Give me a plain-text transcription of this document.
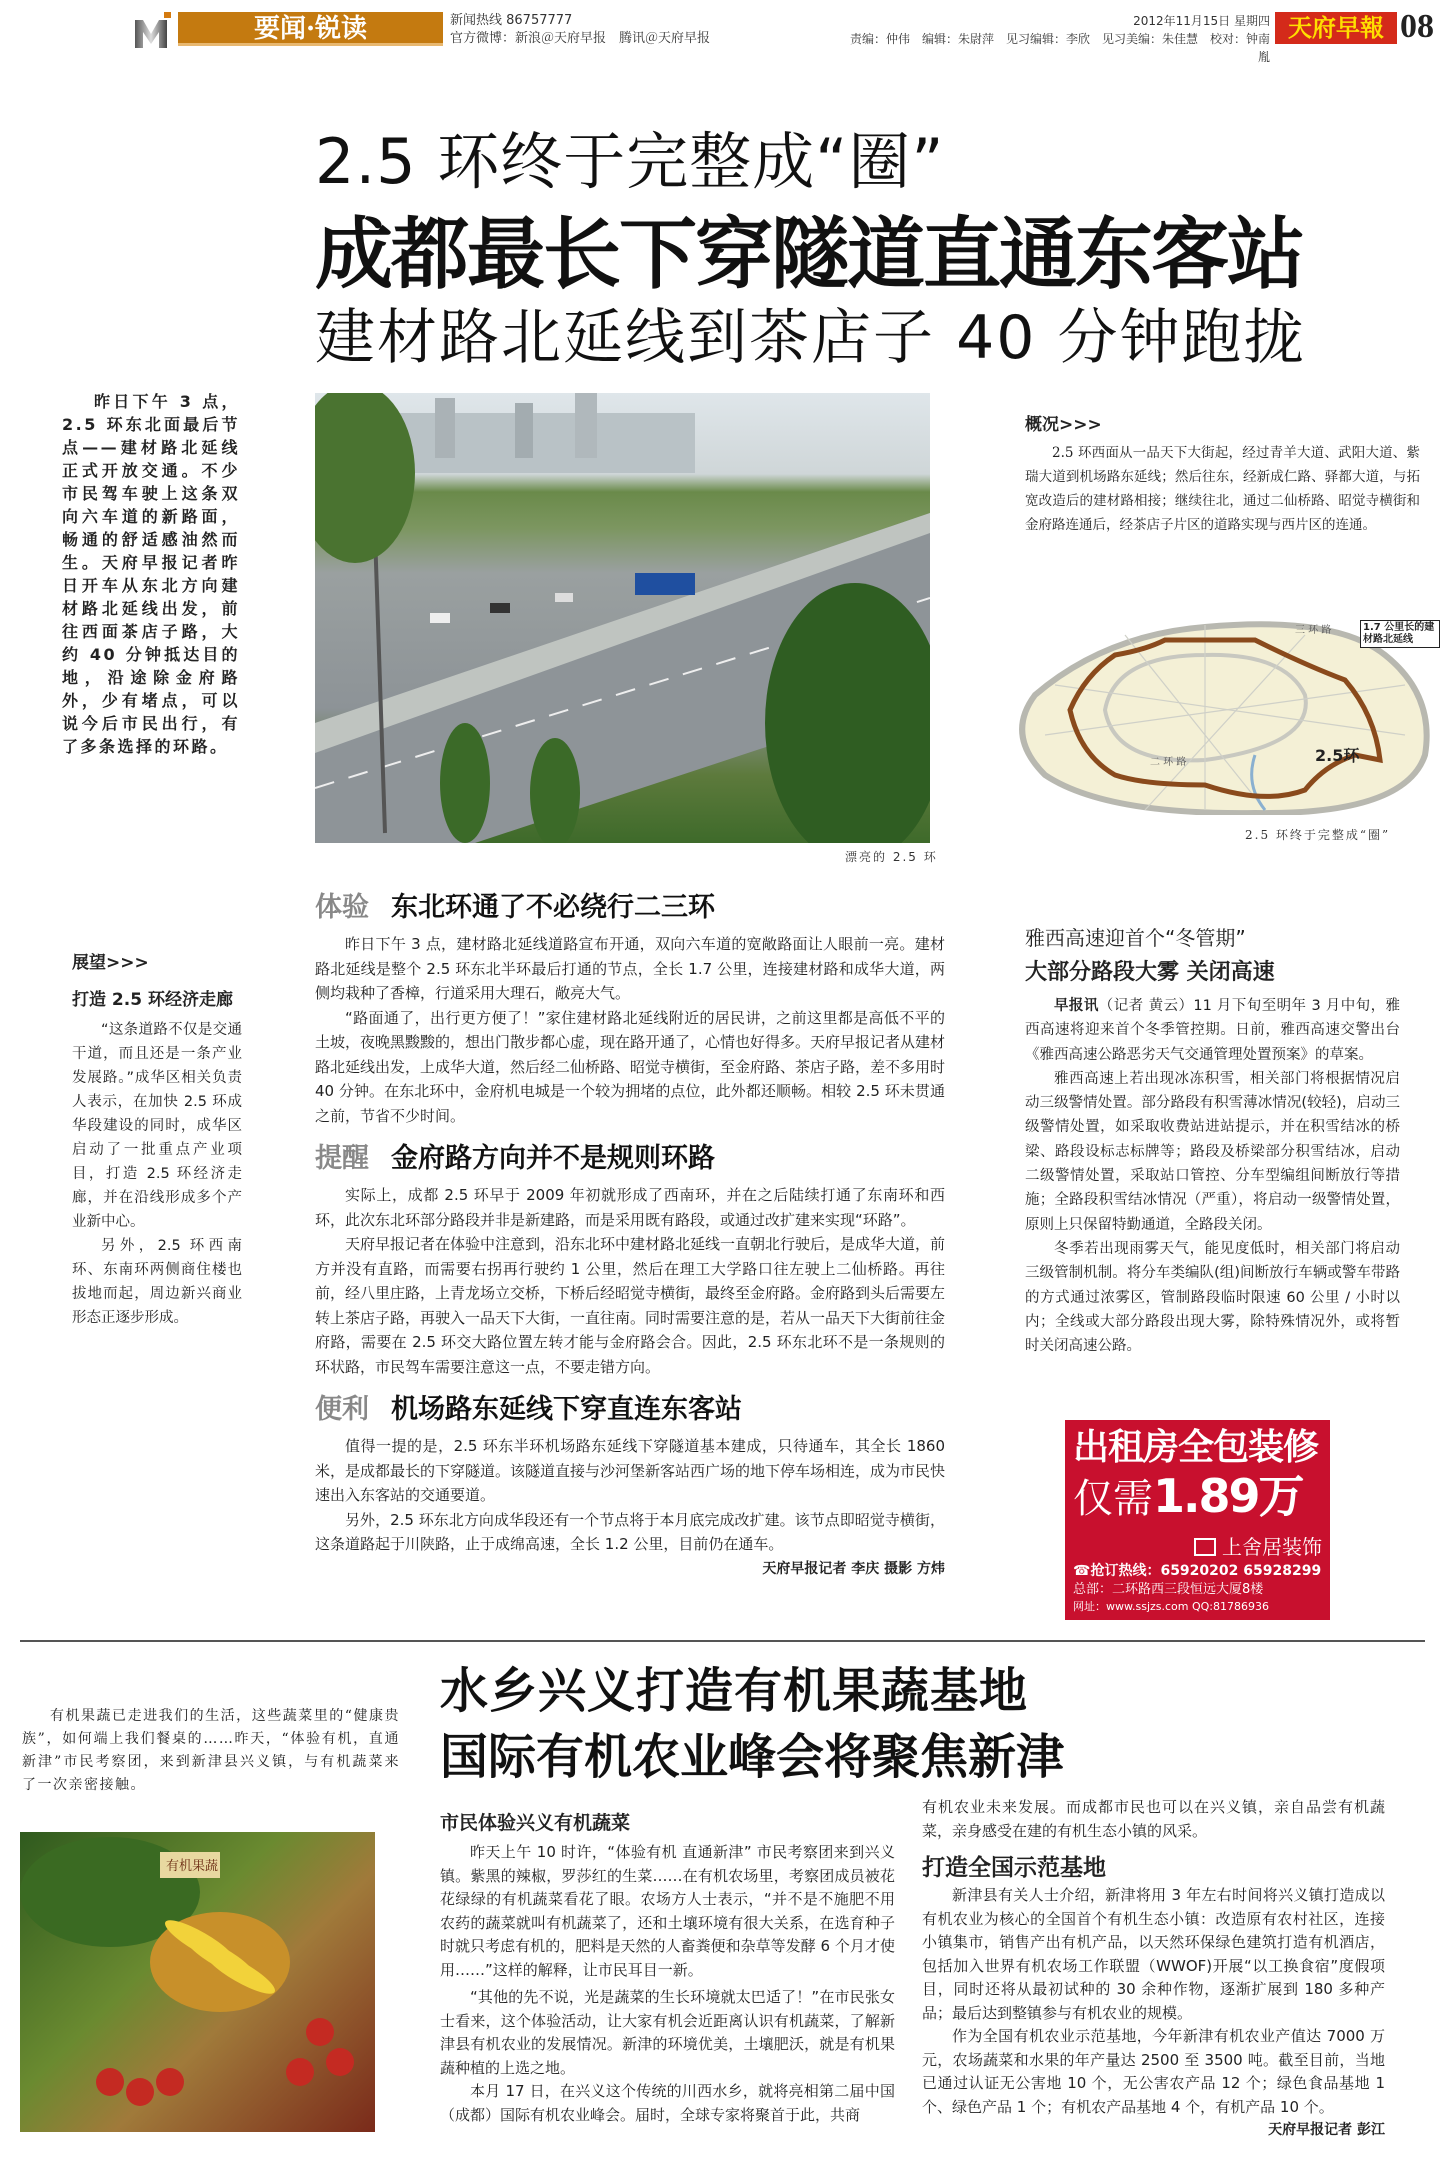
要闻·锐读	新闻热线 86757777
官方微博：新浪＠天府早报　腾讯＠天府早报
2012年11月15日 星期四
责编：仲伟　编辑：朱尉萍　见习编辑：李欣　见习美编：朱佳慧　校对：钟南胤
天府早報 08
2.5 环终于完整成“圈”
成都最长下穿隧道直通东客站
建材路北延线到茶店子 40 分钟跑拢
昨日下午 3 点，2.5 环东北面最后节点——建材路北延线正式开放交通。不少市民驾车驶上这条双向六车道的新路面，畅通的舒适感油然而生。天府早报记者昨日开车从东北方向建材路北延线出发，前往西面茶店子路，大约 40 分钟抵达目的地，沿途除金府路外，少有堵点，可以说今后市民出行，有了多条选择的环路。
漂亮的 2.5 环
概况>>>

2.5 环西面从一品天下大街起，经过青羊大道、武阳大道、紫瑞大道到机场路东延线；然后往东，经新成仁路、驿都大道，与拓宽改造后的建材路相接；继续往北，通过二仙桥路、昭觉寺横街和金府路连通后，经茶店子片区的道路实现与西片区的连通。

2.5环
三 环 路
二 环 路
1.7 公里长的建材路北延线
2.5 环终于完整成“圈”
展望>>>
打造 2.5 环经济走廊

“这条道路不仅是交通干道，而且还是一条产业发展路。”成华区相关负责人表示，在加快 2.5 环成华段建设的同时，成华区启动了一批重点产业项目，打造 2.5 环经济走廊，并在沿线形成多个产业新中心。

另外，2.5 环西南环、东南环两侧商住楼也拔地而起，周边新兴商业形态正逐步形成。

体验 东北环通了不必绕行二三环

昨日下午 3 点，建材路北延线道路宣布开通，双向六车道的宽敞路面让人眼前一亮。建材路北延线是整个 2.5 环东北半环最后打通的节点，全长 1.7 公里，连接建材路和成华大道，两侧均栽种了香樟，行道采用大理石，敞亮大气。

“路面通了，出行更方便了！”家住建材路北延线附近的居民讲，之前这里都是高低不平的土坡，夜晚黑黢黢的，想出门散步都心虚，现在路开通了，心情也好得多。天府早报记者从建材路北延线出发，上成华大道，然后经二仙桥路、昭觉寺横街，至金府路、茶店子路，差不多用时 40 分钟。在东北环中，金府机电城是一个较为拥堵的点位，此外都还顺畅。相较 2.5 环未贯通之前，节省不少时间。

提醒 金府路方向并不是规则环路

实际上，成都 2.5 环早于 2009 年初就形成了西南环，并在之后陆续打通了东南环和西环，此次东北环部分路段并非是新建路，而是采用既有路段，或通过改扩建来实现“环路”。

天府早报记者在体验中注意到，沿东北环中建材路北延线一直朝北行驶后，是成华大道，前方并没有直路，而需要右拐再行驶约 1 公里，然后在理工大学路口往左驶上二仙桥路。再往前，经八里庄路，上青龙场立交桥，下桥后经昭觉寺横街，最终至金府路。金府路到头后需要左转上茶店子路，再驶入一品天下大街，一直往南。同时需要注意的是，若从一品天下大街前往金府路，需要在 2.5 环交大路位置左转才能与金府路会合。因此，2.5 环东北环不是一条规则的环状路，市民驾车需要注意这一点，不要走错方向。

便利 机场路东延线下穿直连东客站

值得一提的是，2.5 环东半环机场路东延线下穿隧道基本建成，只待通车，其全长 1860 米，是成都最长的下穿隧道。该隧道直接与沙河堡新客站西广场的地下停车场相连，成为市民快速出入东客站的交通要道。

另外，2.5 环东北方向成华段还有一个节点将于本月底完成改扩建。该节点即昭觉寺横街，这条道路起于川陕路，止于成绵高速，全长 1.2 公里，目前仍在通车。

天府早报记者 李庆 摄影 方炜
雅西高速迎首个“冬管期”
大部分路段大雾 关闭高速

早报讯（记者 黄云）11 月下旬至明年 3 月中旬，雅西高速将迎来首个冬季管控期。日前，雅西高速交警出台《雅西高速公路恶劣天气交通管理处置预案》的草案。

雅西高速上若出现冰冻积雪，相关部门将根据情况启动三级警情处置。部分路段有积雪薄冰情况(较轻)，启动三级警情处置，如采取收费站进站提示，并在积雪结冰的桥梁、路段设标志标牌等；路段及桥梁部分积雪结冰，启动二级警情处置，采取站口管控、分车型编组间断放行等措施；全路段积雪结冰情况（严重），将启动一级警情处置，原则上只保留特勤通道，全路段关闭。

冬季若出现雨雾天气，能见度低时，相关部门将启动三级管制机制。将分车类编队(组)间断放行车辆或警车带路的方式通过浓雾区，管制路段临时限速 60 公里 / 小时以内；全线或大部分路段出现大雾，除特殊情况外，或将暂时关闭高速公路。

出租房全包装修
仅需1.89万
上舍居装饰
☎抢订热线：65920202 65928299
总部：二环路西三段恒远大厦8楼
网址：www.ssjzs.com QQ:81786936
水乡兴义打造有机果蔬基地
国际有机农业峰会将聚焦新津

有机果蔬已走进我们的生活，这些蔬菜里的“健康贵族”，如何端上我们餐桌的……昨天，“体验有机，直通新津”市民考察团，来到新津县兴义镇，与有机蔬菜来了一次亲密接触。

有机果蔬
市民体验兴义有机蔬菜

昨天上午 10 时许，“体验有机 直通新津” 市民考察团来到兴义镇。紫黑的辣椒，罗莎红的生菜……在有机农场里，考察团成员被花花绿绿的有机蔬菜看花了眼。农场方人士表示，“并不是不施肥不用农药的蔬菜就叫有机蔬菜了，还和土壤环境有很大关系，在选育种子时就只考虑有机的，肥料是天然的人畜粪便和杂草等发酵 6 个月才使用……”这样的解释，让市民耳目一新。

“其他的先不说，光是蔬菜的生长环境就太巴适了！”在市民张女士看来，这个体验活动，让大家有机会近距离认识有机蔬菜，了解新津县有机农业的发展情况。新津的环境优美，土壤肥沃，就是有机果蔬种植的上选之地。

本月 17 日，在兴义这个传统的川西水乡，就将亮相第二届中国（成都）国际有机农业峰会。届时，全球专家将聚首于此，共商

有机农业未来发展。而成都市民也可以在兴义镇，亲自品尝有机蔬菜，亲身感受在建的有机生态小镇的风采。
打造全国示范基地

新津县有关人士介绍，新津将用 3 年左右时间将兴义镇打造成以有机农业为核心的全国首个有机生态小镇：改造原有农村社区，连接小镇集市，销售产出有机产品，以天然环保绿色建筑打造有机酒店，包括加入世界有机农场工作联盟（WWOF)开展“以工换食宿”度假项目，同时还将从最初试种的 30 余种作物，逐渐扩展到 180 多种产品；最后达到整镇参与有机农业的规模。

作为全国有机农业示范基地，今年新津有机农业产值达 7000 万元，农场蔬菜和水果的年产量达 2500 至 3500 吨。截至目前，当地已通过认证无公害地 10 个，无公害农产品 12 个；绿色食品基地 1 个、绿色产品 1 个；有机农产品基地 4 个，有机产品 10 个。
天府早报记者 彭江
